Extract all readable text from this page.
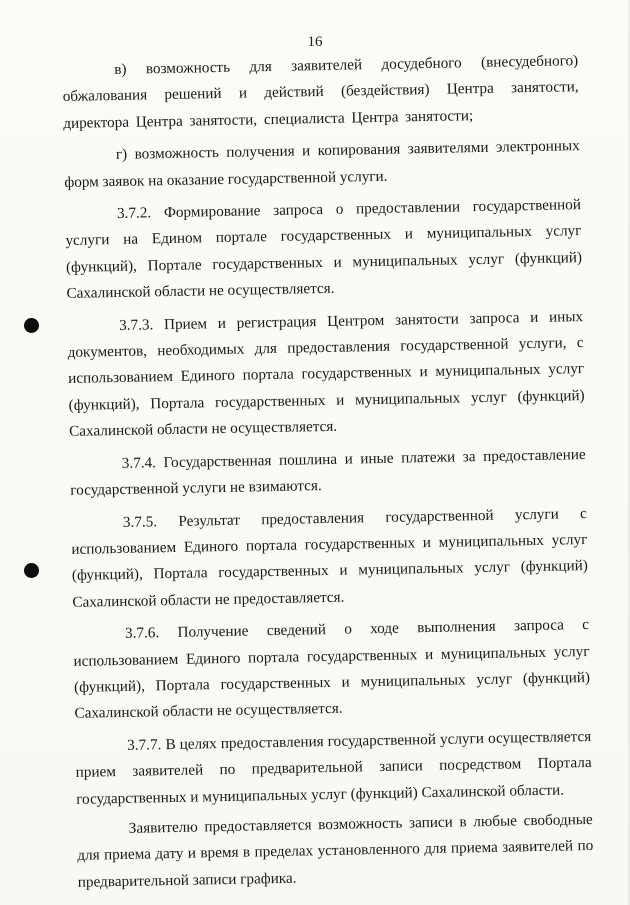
16

в) возможность для заявителей досудебного (внесудебного) обжалования решений и действий (бездействия) Центра занятости, директора Центра занятости, специалиста Центра занятости;

г) возможность получения и копирования заявителями электронных форм заявок на оказание государственной услуги.

3.7.2. Формирование запроса о предоставлении государственной услуги на Едином портале государственных и муниципальных услуг (функций), Портале государственных и муниципальных услуг (функций) Сахалинской области не осуществляется.

3.7.3. Прием и регистрация Центром занятости запроса и иных документов, необходимых для предоставления государственной услуги, с использованием Единого портала государственных и муниципальных услуг (функций), Портала государственных и муниципальных услуг (функций) Сахалинской области не осуществляется.

3.7.4. Государственная пошлина и иные платежи за предоставление государственной услуги не взимаются.

3.7.5. Результат предоставления государственной услуги с использованием Единого портала государственных и муниципальных услуг (функций), Портала государственных и муниципальных услуг (функций) Сахалинской области не предоставляется.

3.7.6. Получение сведений о ходе выполнения запроса с использованием Единого портала государственных и муниципальных услуг (функций), Портала государственных и муниципальных услуг (функций) Сахалинской области не осуществляется.

3.7.7. В целях предоставления государственной услуги осуществляется прием заявителей по предварительной записи посредством Портала государственных и муниципальных услуг (функций) Сахалинской области.

Заявителю предоставляется возможность записи в любые свободные для приема дату и время в пределах установленного для приема заявителей по предварительной записи графика.
